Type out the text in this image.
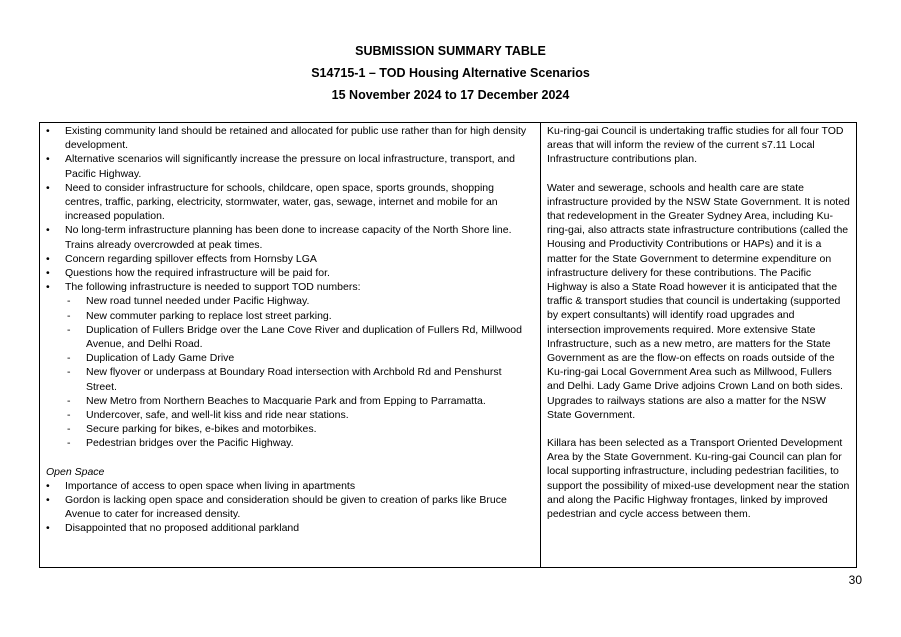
SUBMISSION SUMMARY TABLE
S14715-1 – TOD Housing Alternative Scenarios
15 November 2024 to 17 December 2024
• Existing community land should be retained and allocated for public use rather than for high density development.
• Alternative scenarios will significantly increase the pressure on local infrastructure, transport, and Pacific Highway.
• Need to consider infrastructure for schools, childcare, open space, sports grounds, shopping centres, traffic, parking, electricity, stormwater, water, gas, sewage, internet and mobile for an increased population.
• No long-term infrastructure planning has been done to increase capacity of the North Shore line. Trains already overcrowded at peak times.
• Concern regarding spillover effects from Hornsby LGA
• Questions how the required infrastructure will be paid for.
• The following infrastructure is needed to support TOD numbers:
- New road tunnel needed under Pacific Highway.
- New commuter parking to replace lost street parking.
- Duplication of Fullers Bridge over the Lane Cove River and duplication of Fullers Rd, Millwood Avenue, and Delhi Road.
- Duplication of Lady Game Drive
- New flyover or underpass at Boundary Road intersection with Archbold Rd and Penshurst Street.
- New Metro from Northern Beaches to Macquarie Park and from Epping to Parramatta.
- Undercover, safe, and well-lit kiss and ride near stations.
- Secure parking for bikes, e-bikes and motorbikes.
- Pedestrian bridges over the Pacific Highway.
Open Space
• Importance of access to open space when living in apartments
• Gordon is lacking open space and consideration should be given to creation of parks like Bruce Avenue to cater for increased density.
• Disappointed that no proposed additional parkland

Ku-ring-gai Council is undertaking traffic studies for all four TOD areas that will inform the review of the current s7.11 Local Infrastructure contributions plan.

Water and sewerage, schools and health care are state infrastructure provided by the NSW State Government. It is noted that redevelopment in the Greater Sydney Area, including Ku-ring-gai, also attracts state infrastructure contributions (called the Housing and Productivity Contributions or HAPs) and it is a matter for the State Government to determine expenditure on infrastructure delivery for these contributions. The Pacific Highway is also a State Road however it is anticipated that the traffic & transport studies that council is undertaking (supported by expert consultants) will identify road upgrades and intersection improvements required. More extensive State Infrastructure, such as a new metro, are matters for the State Government as are the flow-on effects on roads outside of the Ku-ring-gai Local Government Area such as Millwood, Fullers and Delhi. Lady Game Drive adjoins Crown Land on both sides. Upgrades to railways stations are also a matter for the NSW State Government.

Killara has been selected as a Transport Oriented Development Area by the State Government. Ku-ring-gai Council can plan for local supporting infrastructure, including pedestrian facilities, to support the possibility of mixed-use development near the station and along the Pacific Highway frontages, linked by improved pedestrian and cycle access between them.

30
